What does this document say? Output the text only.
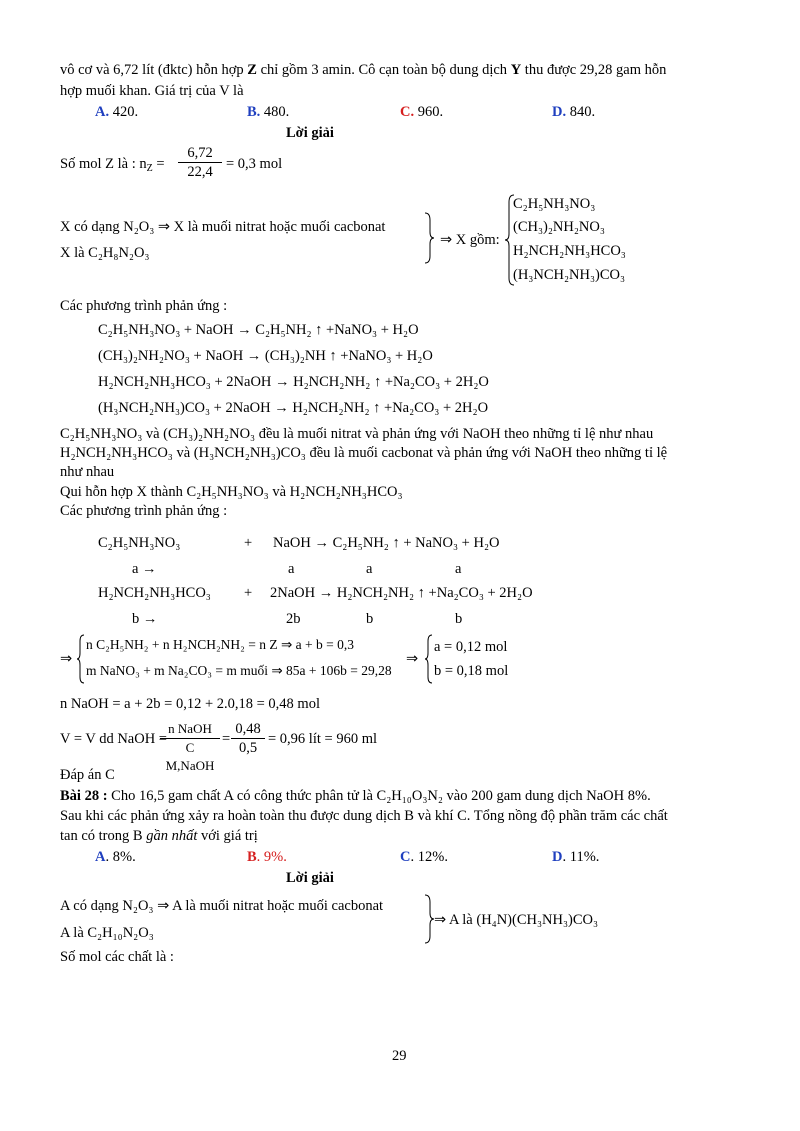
vô cơ và 6,72 lít (đktc) hỗn hợp Z chỉ gồm 3 amin. Cô cạn toàn bộ dung dịch Y thu được 29,28 gam hỗn
hợp muối khan. Giá trị của V là
A. 420.	B. 480.	C. 960.	D. 840.
Lời giải
Số mol Z là : $n_Z = \frac{6,72}{22,4} = 0,3$ mol
X có dạng N₂O₃ ⇒ X là muối nitrat hoặc muối cacbonat
X là C₂H₈N₂O₃
⇒ X gồm:
C₂H₅NH₃NO₃
(CH₃)₂NH₂NO₃
H₂NCH₂NH₃HCO₃
(H₃NCH₂NH₃)CO₃
Các phương trình phản ứng :
C₂H₅NH₃NO₃ + NaOH → C₂H₅NH₂ ↑ +NaNO₃ + H₂O
(CH₃)₂NH₂NO₃ + NaOH → (CH₃)₂NH ↑ +NaNO₃ + H₂O
H₂NCH₂NH₃HCO₃ + 2NaOH → H₂NCH₂NH₂ ↑ +Na₂CO₃ + 2H₂O
(H₃NCH₂NH₃)CO₃ + 2NaOH → H₂NCH₂NH₂ ↑ +Na₂CO₃ + 2H₂O
C₂H₅NH₃NO₃ và (CH₃)₂NH₂NO₃ đều là muối nitrat và phản ứng với NaOH theo những tỉ lệ như nhau
H₂NCH₂NH₃HCO₃ và (H₃NCH₂NH₃)CO₃ đều là muối cacbonat và phản ứng với NaOH theo những tỉ lệ
như nhau
Qui hỗn hợp X thành C₂H₅NH₃NO₃ và H₂NCH₂NH₃HCO₃
Các phương trình phản ứng :
C₂H₅NH₃NO₃	+ NaOH → C₂H₅NH₂ ↑ + NaNO₃ + H₂O
a →	a	a	a
H₂NCH₂NH₃HCO₃ + 2NaOH → H₂NCH₂NH₂ ↑ +Na₂CO₃ + 2H₂O
b →	2b	b	b
⇒
n C₂H₅NH₂ + n H₂NCH₂NH₂ = n Z ⇒ a + b = 0,3
m NaNO₃ + m Na₂CO₃ = m muối ⇒ 85a + 106b = 29,28
⇒
a = 0,12 mol
b = 0,18 mol
n NaOH = a + 2b = 0,12 + 2.0,18 = 0,48 mol
V = V dd NaOH =
n NaOH
C M,NaOH
= $\frac{0,48}{0,5} = 0,96$ lít = 960 ml
Đáp án C
Bài 28 : Cho 16,5 gam chất A có công thức phân tử là C₂H₁₀O₃N₂ vào 200 gam dung dịch NaOH 8%.
Sau khi các phản ứng xảy ra hoàn toàn thu được dung dịch B và khí C. Tổng nồng độ phần trăm các chất
tan có trong B gần nhất với giá trị
A. 8%.	B. 9%.	C. 12%.	D. 11%.
Lời giải
A có dạng N₂O₃ ⇒ A là muối nitrat hoặc muối cacbonat
A là C₂H₁₀N₂O₃
⇒ A là (H₄N)(CH₃NH₃)CO₃
Số mol các chất là :
29
